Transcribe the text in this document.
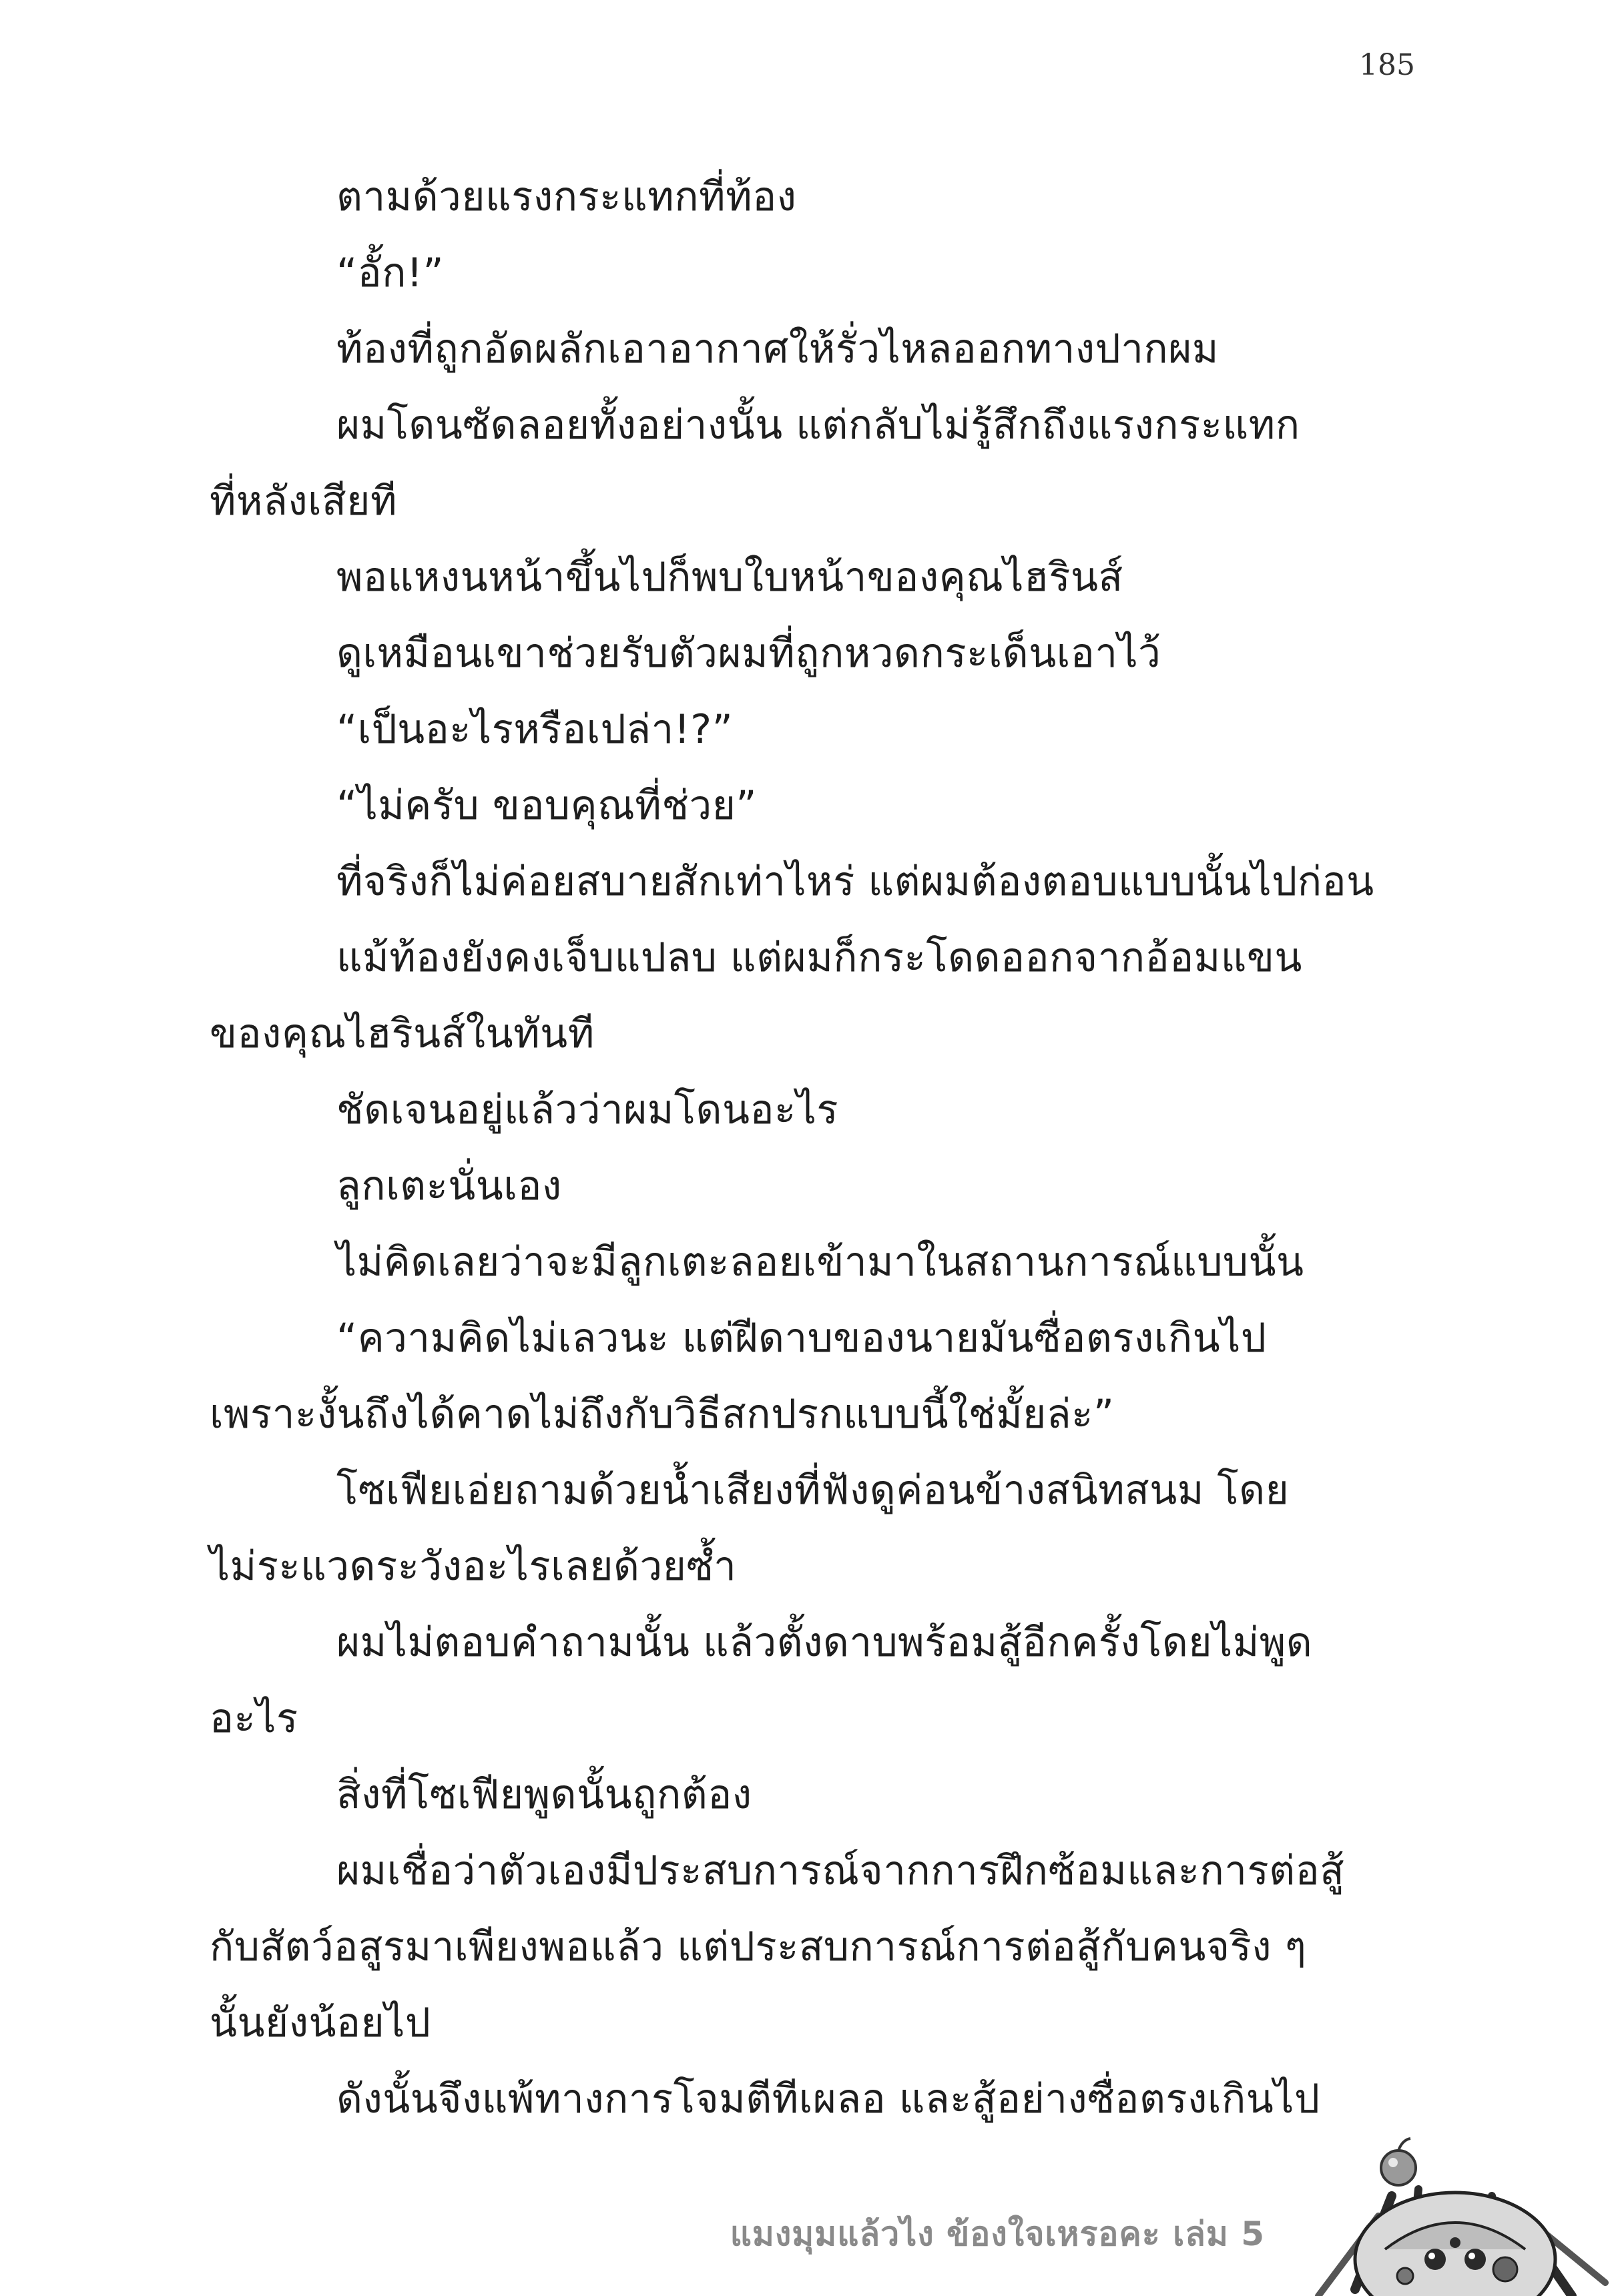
185
ตามด้วยแรงกระแทกที่ท้อง
“อั้ก!”
ท้องที่ถูกอัดผลักเอาอากาศให้รั่วไหลออกทางปากผม
ผมโดนซัดลอยทั้งอย่างนั้น แต่กลับไม่รู้สึกถึงแรงกระแทก
ที่หลังเสียที
พอแหงนหน้าขึ้นไปก็พบใบหน้าของคุณไฮรินส์
ดูเหมือนเขาช่วยรับตัวผมที่ถูกหวดกระเด็นเอาไว้
“เป็นอะไรหรือเปล่า!?”
“ไม่ครับ ขอบคุณที่ช่วย”
ที่จริงก็ไม่ค่อยสบายสักเท่าไหร่ แต่ผมต้องตอบแบบนั้นไปก่อน
แม้ท้องยังคงเจ็บแปลบ แต่ผมก็กระโดดออกจากอ้อมแขน
ของคุณไฮรินส์ในทันที
ชัดเจนอยู่แล้วว่าผมโดนอะไร
ลูกเตะนั่นเอง
ไม่คิดเลยว่าจะมีลูกเตะลอยเข้ามาในสถานการณ์แบบนั้น
“ความคิดไม่เลวนะ แต่ฝีดาบของนายมันซื่อตรงเกินไป
เพราะงั้นถึงได้คาดไม่ถึงกับวิธีสกปรกแบบนี้ใช่มั้ยล่ะ”
โซเฟียเอ่ยถามด้วยน้ำเสียงที่ฟังดูค่อนข้างสนิทสนม โดย
ไม่ระแวดระวังอะไรเลยด้วยซ้ำ
ผมไม่ตอบคำถามนั้น แล้วตั้งดาบพร้อมสู้อีกครั้งโดยไม่พูด
อะไร
สิ่งที่โซเฟียพูดนั้นถูกต้อง
ผมเชื่อว่าตัวเองมีประสบการณ์จากการฝึกซ้อมและการต่อสู้
กับสัตว์อสูรมาเพียงพอแล้ว แต่ประสบการณ์การต่อสู้กับคนจริง ๆ
นั้นยังน้อยไป
ดังนั้นจึงแพ้ทางการโจมตีทีเผลอ และสู้อย่างซื่อตรงเกินไป
แมงมุมแล้วไง ข้องใจเหรอคะ เล่ม 5
